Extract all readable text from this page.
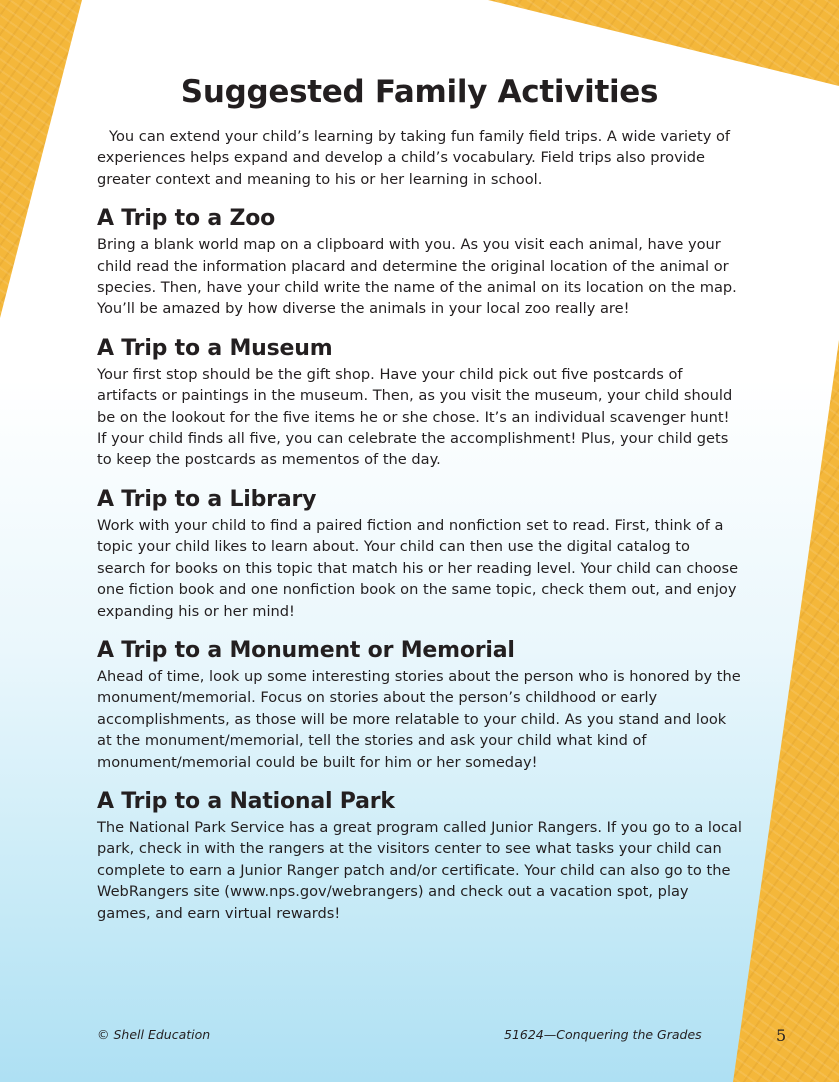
Suggested Family Activities

You can extend your child’s learning by taking fun family field trips. A wide variety of experiences helps expand and develop a child’s vocabulary. Field trips also provide greater context and meaning to his or her learning in school.

A Trip to a Zoo

Bring a blank world map on a clipboard with you. As you visit each animal, have your child read the information placard and determine the original location of the animal or species. Then, have your child write the name of the animal on its location on the map. You’ll be amazed by how diverse the animals in your local zoo really are!

A Trip to a Museum

Your first stop should be the gift shop. Have your child pick out five postcards of artifacts or paintings in the museum. Then, as you visit the museum, your child should be on the lookout for the five items he or she chose. It’s an individual scavenger hunt! If your child finds all five, you can celebrate the accomplishment! Plus, your child gets to keep the postcards as mementos of the day.

A Trip to a Library

Work with your child to find a paired fiction and nonfiction set to read. First, think of a topic your child likes to learn about. Your child can then use the digital catalog to search for books on this topic that match his or her reading level. Your child can choose one fiction book and one nonfiction book on the same topic, check them out, and enjoy expanding his or her mind!

A Trip to a Monument or Memorial

Ahead of time, look up some interesting stories about the person who is honored by the monument/memorial. Focus on stories about the person’s childhood or early accomplishments, as those will be more relatable to your child. As you stand and look at the monument/memorial, tell the stories and ask your child what kind of monument/memorial could be built for him or her someday!

A Trip to a National Park

The National Park Service has a great program called Junior Rangers. If you go to a local park, check in with the rangers at the visitors center to see what tasks your child can complete to earn a Junior Ranger patch and/or certificate. Your child can also go to the WebRangers site (www.nps.gov/webrangers) and check out a vacation spot, play games, and earn virtual rewards!

© Shell Education	51624—Conquering the Grades	5
